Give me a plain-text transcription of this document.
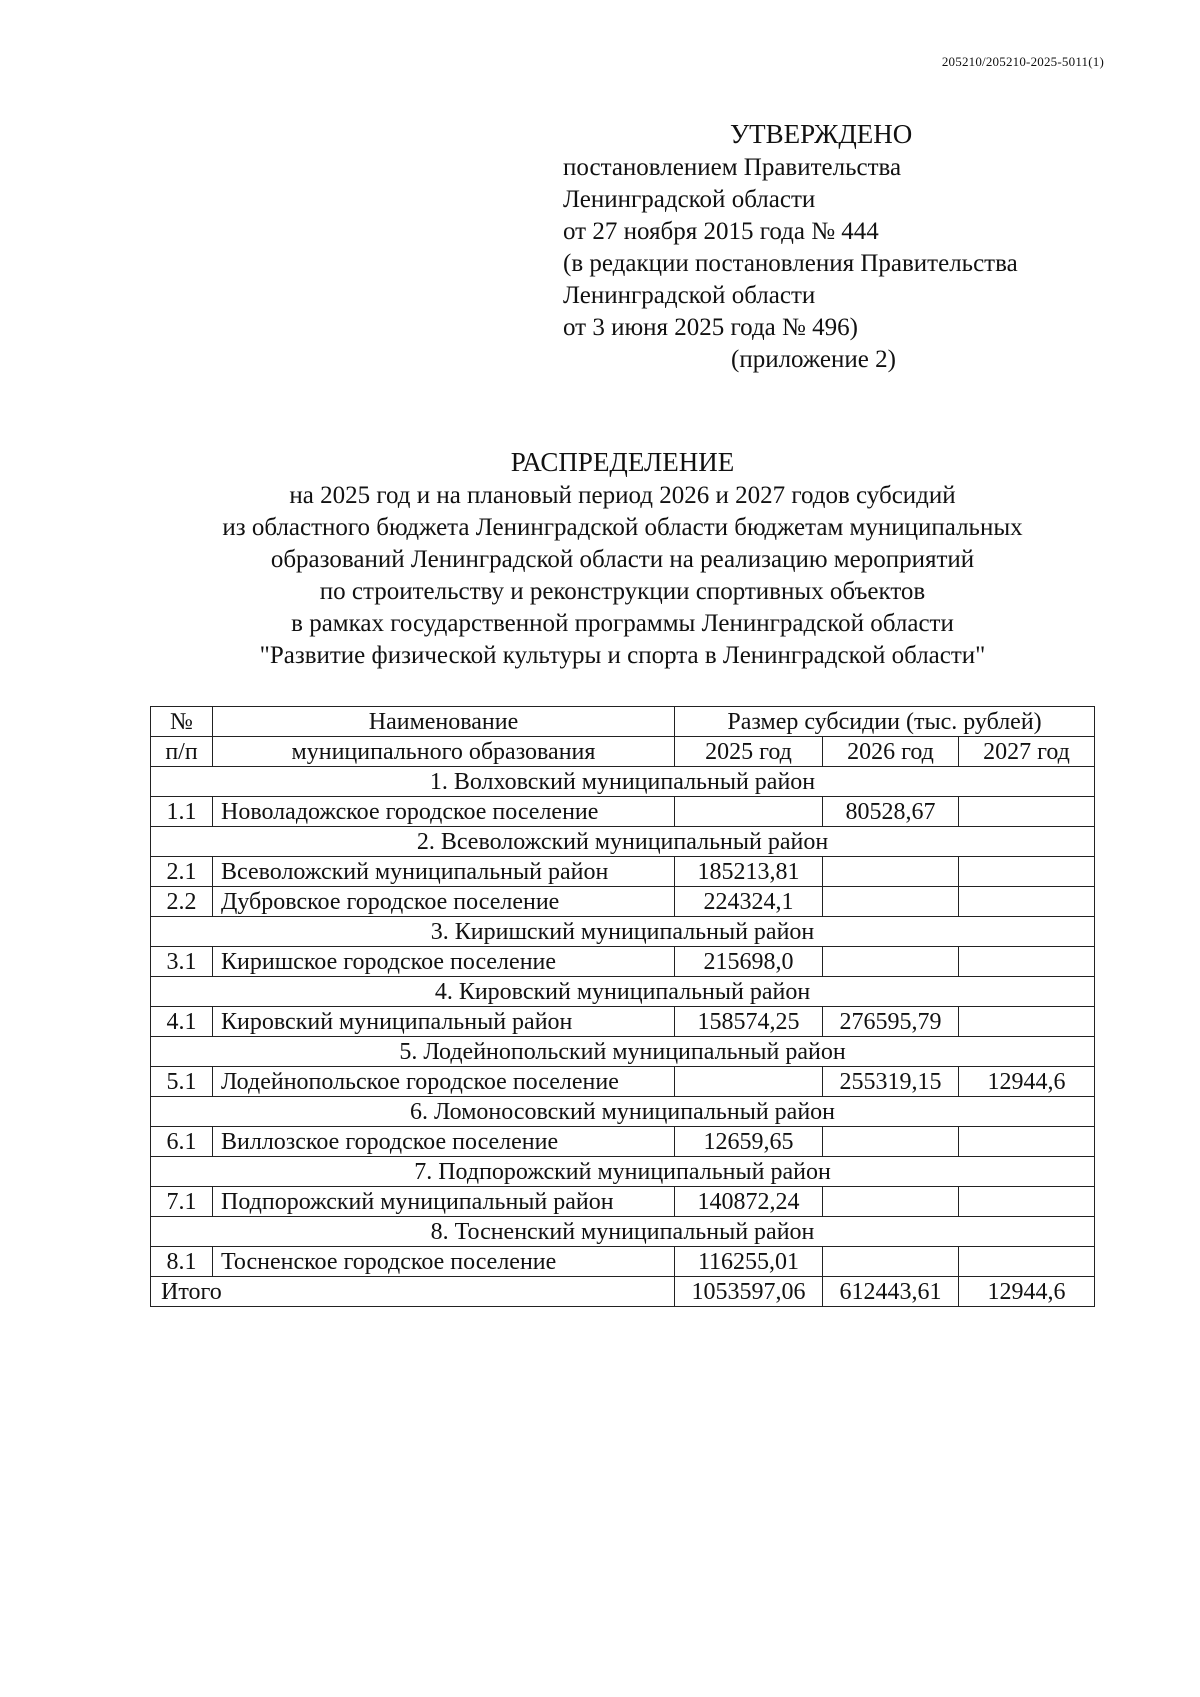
205210/205210-2025-5011(1)
УТВЕРЖДЕНО
постановлением Правительства
Ленинградской области
от 27 ноября 2015 года № 444
(в редакции постановления Правительства
Ленинградской области
от 3 июня 2025 года № 496)
(приложение 2)
РАСПРЕДЕЛЕНИЕ
на 2025 год и на плановый период 2026 и 2027 годов субсидий
из областного бюджета Ленинградской области бюджетам муниципальных
образований Ленинградской области на реализацию мероприятий
по строительству и реконструкции спортивных объектов
в рамках государственной программы Ленинградской области
"Развитие физической культуры и спорта в Ленинградской области"
№	Наименование	Размер субсидии (тыс. рублей)		
п/п	муниципального образования	2025 год	2026 год	2027 год
1. Волховский муниципальный район				
1.1	Новоладожское городское поселение		80528,67	
2. Всеволожский муниципальный район				
2.1	Всеволожский муниципальный район	185213,81		
2.2	Дубровское городское поселение	224324,1		
3. Киришский муниципальный район				
3.1	Киришское городское поселение	215698,0		
4. Кировский муниципальный район				
4.1	Кировский муниципальный район	158574,25	276595,79	
5. Лодейнопольский муниципальный район				
5.1	Лодейнопольское городское поселение		255319,15	12944,6
6. Ломоносовский муниципальный район				
6.1	Виллозское городское поселение	12659,65		
7. Подпорожский муниципальный район				
7.1	Подпорожский муниципальный район	140872,24		
8. Тосненский муниципальный район				
8.1	Тосненское городское поселение	116255,01		
Итого		1053597,06	612443,61	12944,6
